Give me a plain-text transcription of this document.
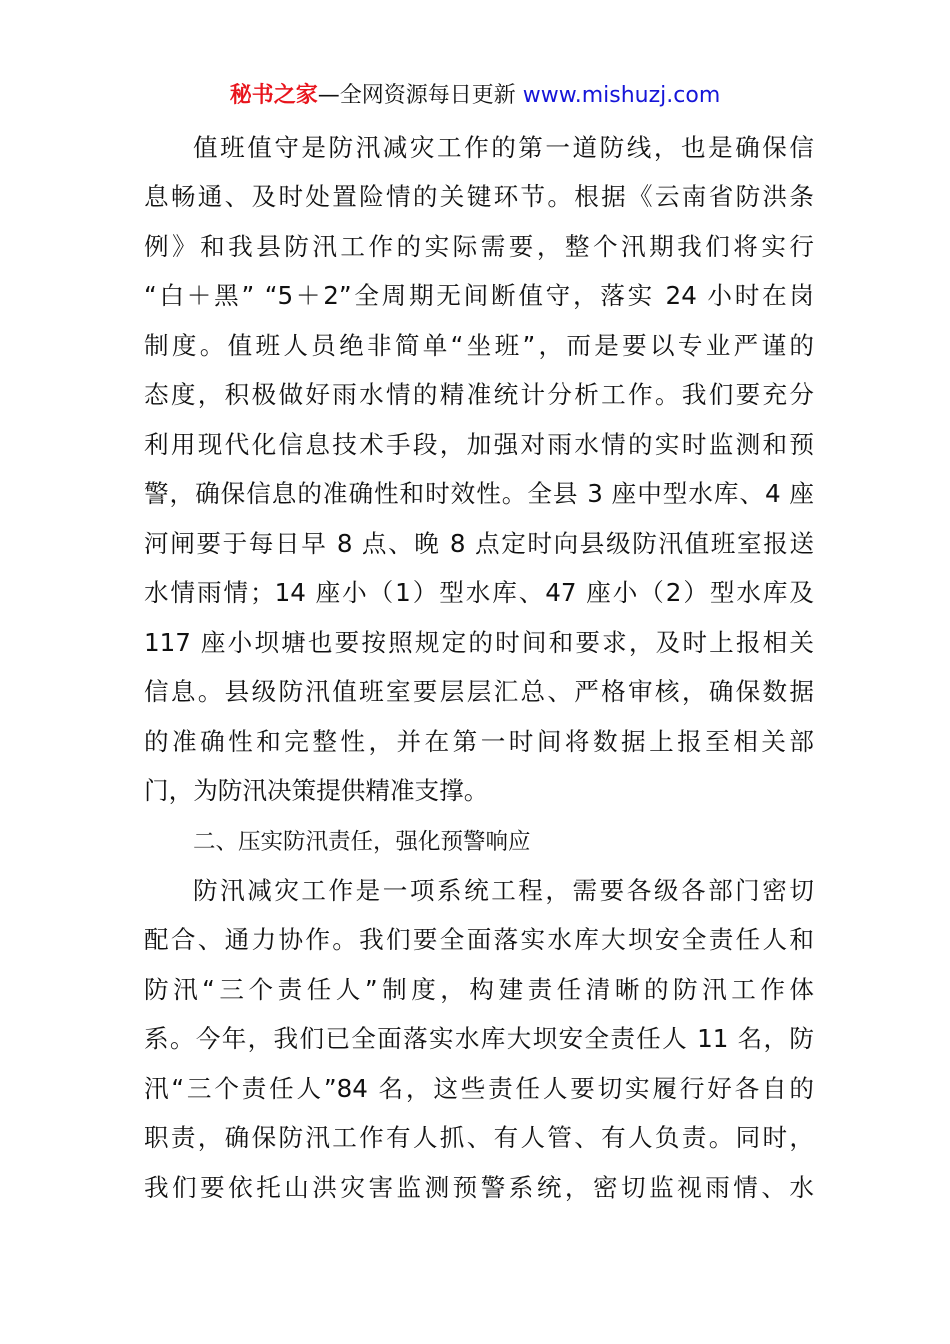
秘书之家—全网资源每日更新 www.mishuzj.com
值班值守是防汛减灾工作的第一道防线，也是确保信
息畅通、及时处置险情的关键环节。根据《云南省防洪条
例》和我县防汛工作的实际需要，整个汛期我们将实行
“白＋黑” “5＋2”全周期无间断值守，落实 24 小时在岗
制度。值班人员绝非简单“坐班”，而是要以专业严谨的
态度，积极做好雨水情的精准统计分析工作。我们要充分
利用现代化信息技术手段，加强对雨水情的实时监测和预
警，确保信息的准确性和时效性。全县 3 座中型水库、4 座
河闸要于每日早 8 点、晚 8 点定时向县级防汛值班室报送
水情雨情；14 座小（1）型水库、47 座小（2）型水库及
117 座小坝塘也要按照规定的时间和要求，及时上报相关
信息。县级防汛值班室要层层汇总、严格审核，确保数据
的准确性和完整性，并在第一时间将数据上报至相关部
门，为防汛决策提供精准支撑。
二、压实防汛责任，强化预警响应
防汛减灾工作是一项系统工程，需要各级各部门密切
配合、通力协作。我们要全面落实水库大坝安全责任人和
防汛“三个责任人”制度，构建责任清晰的防汛工作体
系。今年，我们已全面落实水库大坝安全责任人 11 名，防
汛“三个责任人”84 名，这些责任人要切实履行好各自的
职责，确保防汛工作有人抓、有人管、有人负责。同时，
我们要依托山洪灾害监测预警系统，密切监视雨情、水
